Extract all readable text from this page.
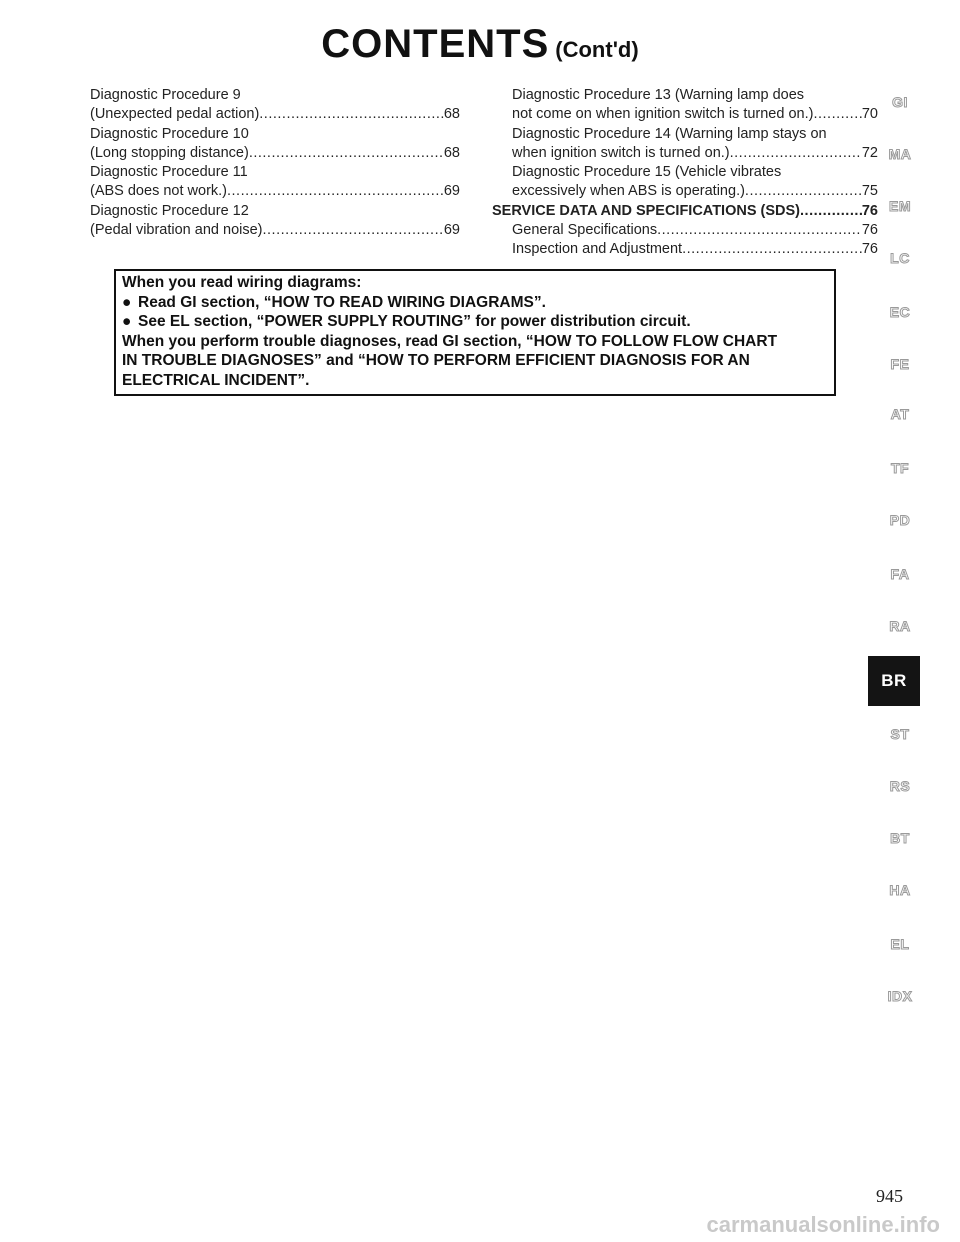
CONTENTS (Cont'd)
Diagnostic Procedure 9
(Unexpected pedal action) .....	68
Diagnostic Procedure 10
(Long stopping distance) .....	68
Diagnostic Procedure 11
(ABS does not work.) .....	69
Diagnostic Procedure 12
(Pedal vibration and noise) .....	69
Diagnostic Procedure 13 (Warning lamp does
not come on when ignition switch is turned on.) .....	70
Diagnostic Procedure 14 (Warning lamp stays on
when ignition switch is turned on.) .....	72
Diagnostic Procedure 15 (Vehicle vibrates
excessively when ABS is operating.) .....	75
SERVICE DATA AND SPECIFICATIONS (SDS) .....	76
General Specifications .....	76
Inspection and Adjustment .....	76
When you read wiring diagrams:
● Read GI section, “HOW TO READ WIRING DIAGRAMS”.
● See EL section, “POWER SUPPLY ROUTING” for power distribution circuit.
When you perform trouble diagnoses, read GI section, “HOW TO FOLLOW FLOW CHART
IN TROUBLE DIAGNOSES” and “HOW TO PERFORM EFFICIENT DIAGNOSIS FOR AN
ELECTRICAL INCIDENT”.
GI
MA
EM
LC
EC
FE
AT
TF
PD
FA
RA
BR
ST
RS
BT
HA
EL
IDX
945
carmanualsonline.info
